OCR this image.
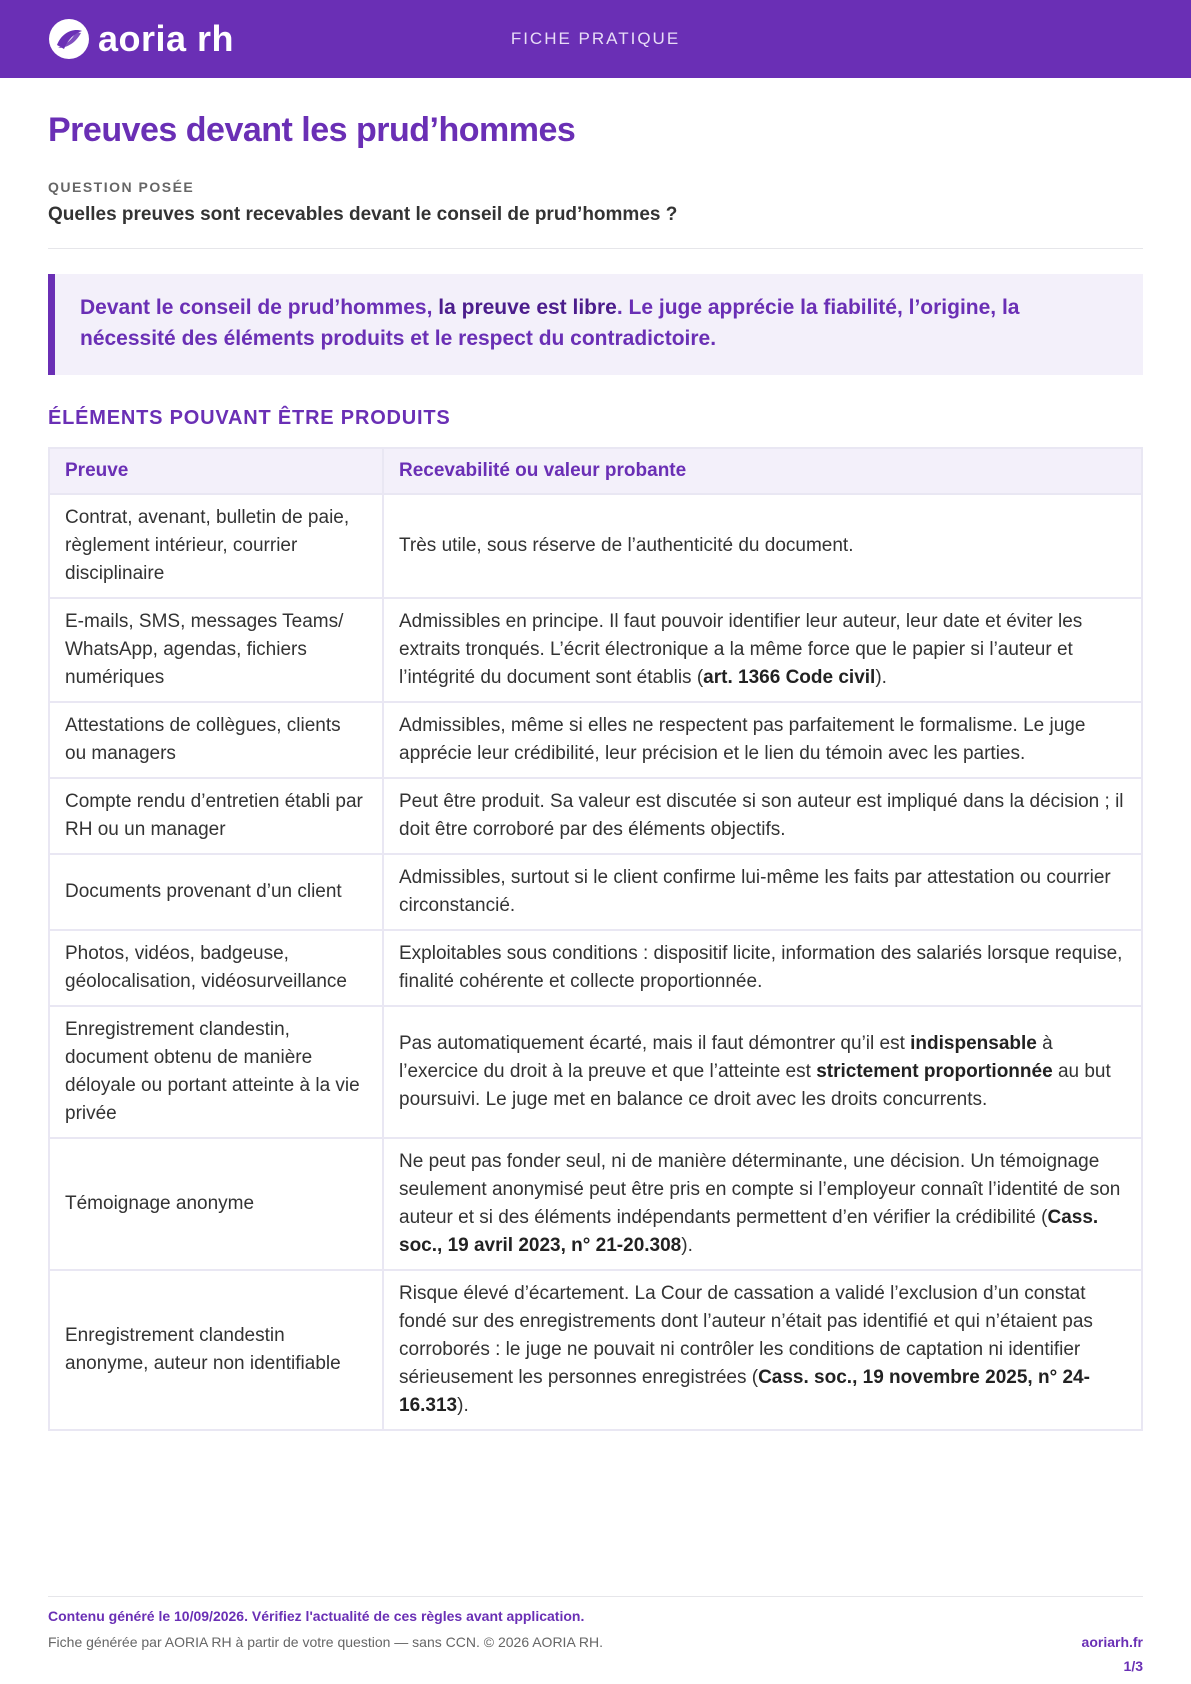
aoria rh	FICHE PRATIQUE
Preuves devant les prud’hommes
QUESTION POSÉE
Quelles preuves sont recevables devant le conseil de prud’hommes ?

Devant le conseil de prud’hommes, la preuve est libre. Le juge apprécie la fiabilité, l’origine, la nécessité des éléments produits et le respect du contradictoire.

ÉLÉMENTS POUVANT ÊTRE PRODUITS
Preuve	Recevabilité ou valeur probante
Contrat, avenant, bulletin de paie, règlement intérieur, courrier disciplinaire	Très utile, sous réserve de l’authenticité du document.
E-mails, SMS, messages Teams/ WhatsApp, agendas, fichiers numériques	Admissibles en principe. Il faut pouvoir identifier leur auteur, leur date et éviter les extraits tronqués. L’écrit électronique a la même force que le papier si l’auteur et l’intégrité du document sont établis (art. 1366 Code civil).
Attestations de collègues, clients ou managers	Admissibles, même si elles ne respectent pas parfaitement le formalisme. Le juge apprécie leur crédibilité, leur précision et le lien du témoin avec les parties.
Compte rendu d’entretien établi par RH ou un manager	Peut être produit. Sa valeur est discutée si son auteur est impliqué dans la décision ; il doit être corroboré par des éléments objectifs.
Documents provenant d’un client	Admissibles, surtout si le client confirme lui-même les faits par attestation ou courrier circonstancié.
Photos, vidéos, badgeuse, géolocalisation, vidéosurveillance	Exploitables sous conditions : dispositif licite, information des salariés lorsque requise, finalité cohérente et collecte proportionnée.
Enregistrement clandestin, document obtenu de manière déloyale ou portant atteinte à la vie privée	Pas automatiquement écarté, mais il faut démontrer qu’il est indispensable à l’exercice du droit à la preuve et que l’atteinte est strictement proportionnée au but poursuivi. Le juge met en balance ce droit avec les droits concurrents.
Témoignage anonyme	Ne peut pas fonder seul, ni de manière déterminante, une décision. Un témoignage seulement anonymisé peut être pris en compte si l’employeur connaît l’identité de son auteur et si des éléments indépendants permettent d’en vérifier la crédibilité (Cass. soc., 19 avril 2023, n° 21-20.308).
Enregistrement clandestin anonyme, auteur non identifiable	Risque élevé d’écartement. La Cour de cassation a validé l’exclusion d’un constat fondé sur des enregistrements dont l’auteur n’était pas identifié et qui n’étaient pas corroborés : le juge ne pouvait ni contrôler les conditions de captation ni identifier sérieusement les personnes enregistrées (Cass. soc., 19 novembre 2025, n° 24-16.313).
Contenu généré le 10/09/2026. Vérifiez l'actualité de ces règles avant application.
Fiche générée par AORIA RH à partir de votre question — sans CCN. © 2026 AORIA RH.	aoriarh.fr
1/3
